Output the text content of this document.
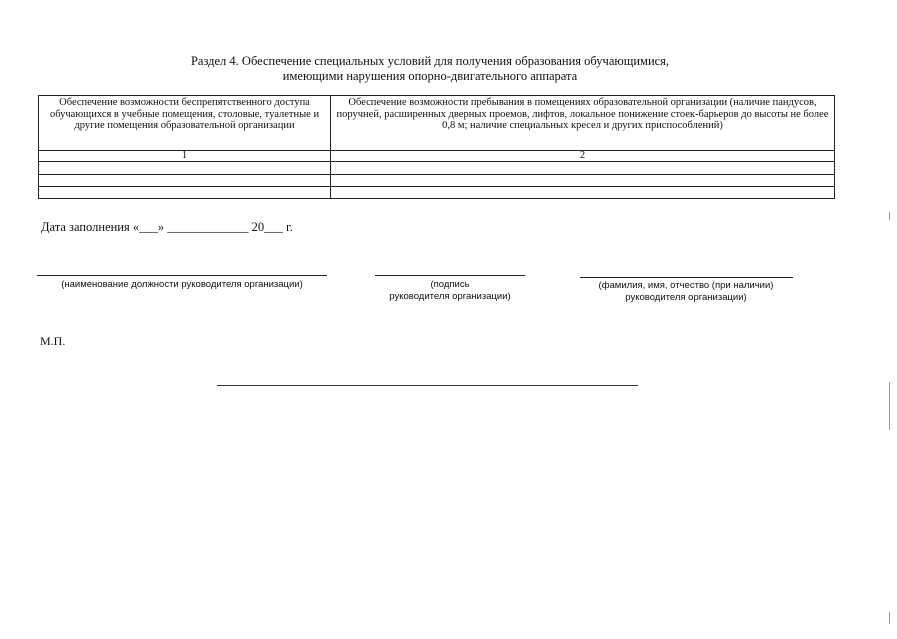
Раздел 4. Обеспечение специальных условий для получения образования обучающимися,
имеющими нарушения опорно-двигательного аппарата
Обеспечение возможности беспрепятственного доступа обучающихся в учебные помещения, столовые, туалетные и другие помещения образовательной организации	Обеспечение возможности пребывания в помещениях образовательной организации (наличие пандусов, поручней, расширенных дверных проемов, лифтов, локальное понижение стоек-барьеров до высоты не более 0,8 м; наличие специальных кресел и других приспособлений)
1	2

Дата заполнения «___» _____________ 20___ г.
(наименование должности руководителя организации)	(подпись
руководителя организации)
(фамилия, имя, отчество (при наличии)
руководителя организации)
М.П.
